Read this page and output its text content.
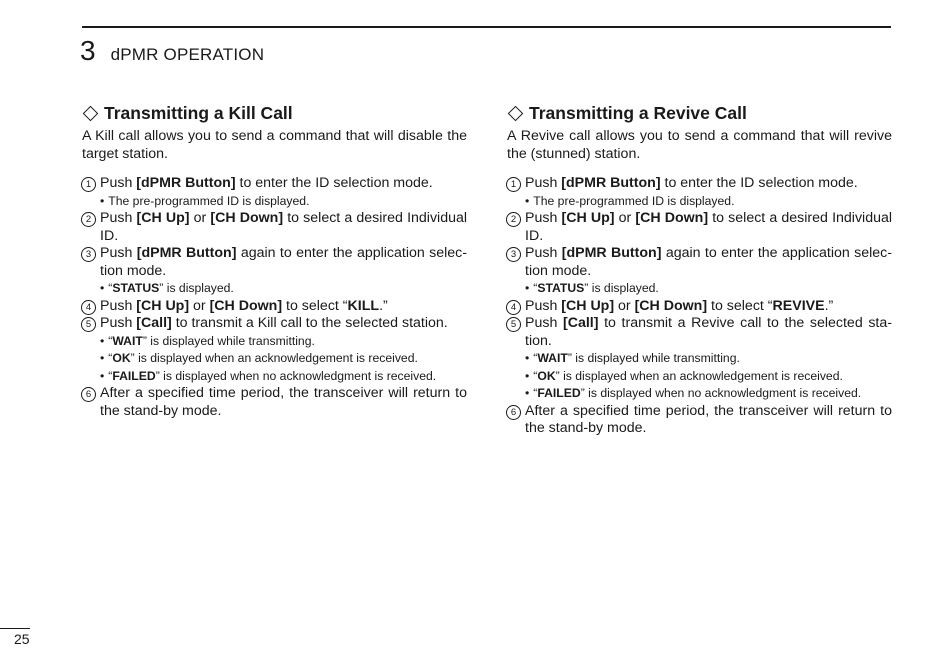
3 dPMR OPERATION
Transmitting a Kill Call

A Kill call allows you to send a command that will disable the target station.

1 Push [dPMR Button] to enter the ID selection mode.
• The pre-programmed ID is displayed.
2 Push [CH Up] or [CH Down] to select a desired Individual ID.
3 Push [dPMR Button] again to enter the application selec-tion mode.
• “STATUS” is displayed.
4 Push [CH Up] or [CH Down] to select “KILL.”
5 Push [Call] to transmit a Kill call to the selected station.
• “WAIT” is displayed while transmitting.
• “OK” is displayed when an acknowledgement is received.
• “FAILED” is displayed when no acknowledgment is received.
6 After a specified time period, the transceiver will return to the stand-by mode.
Transmitting a Revive Call

A Revive call allows you to send a command that will revive the (stunned) station.

1 Push [dPMR Button] to enter the ID selection mode.
• The pre-programmed ID is displayed.
2 Push [CH Up] or [CH Down] to select a desired Individual ID.
3 Push [dPMR Button] again to enter the application selec-tion mode.
• “STATUS” is displayed.
4 Push [CH Up] or [CH Down] to select “REVIVE.”
5 Push [Call] to transmit a Revive call to the selected sta-tion.
• “WAIT” is displayed while transmitting.
• “OK” is displayed when an acknowledgement is received.
• “FAILED” is displayed when no acknowledgment is received.
6 After a specified time period, the transceiver will return to the stand-by mode.
25
